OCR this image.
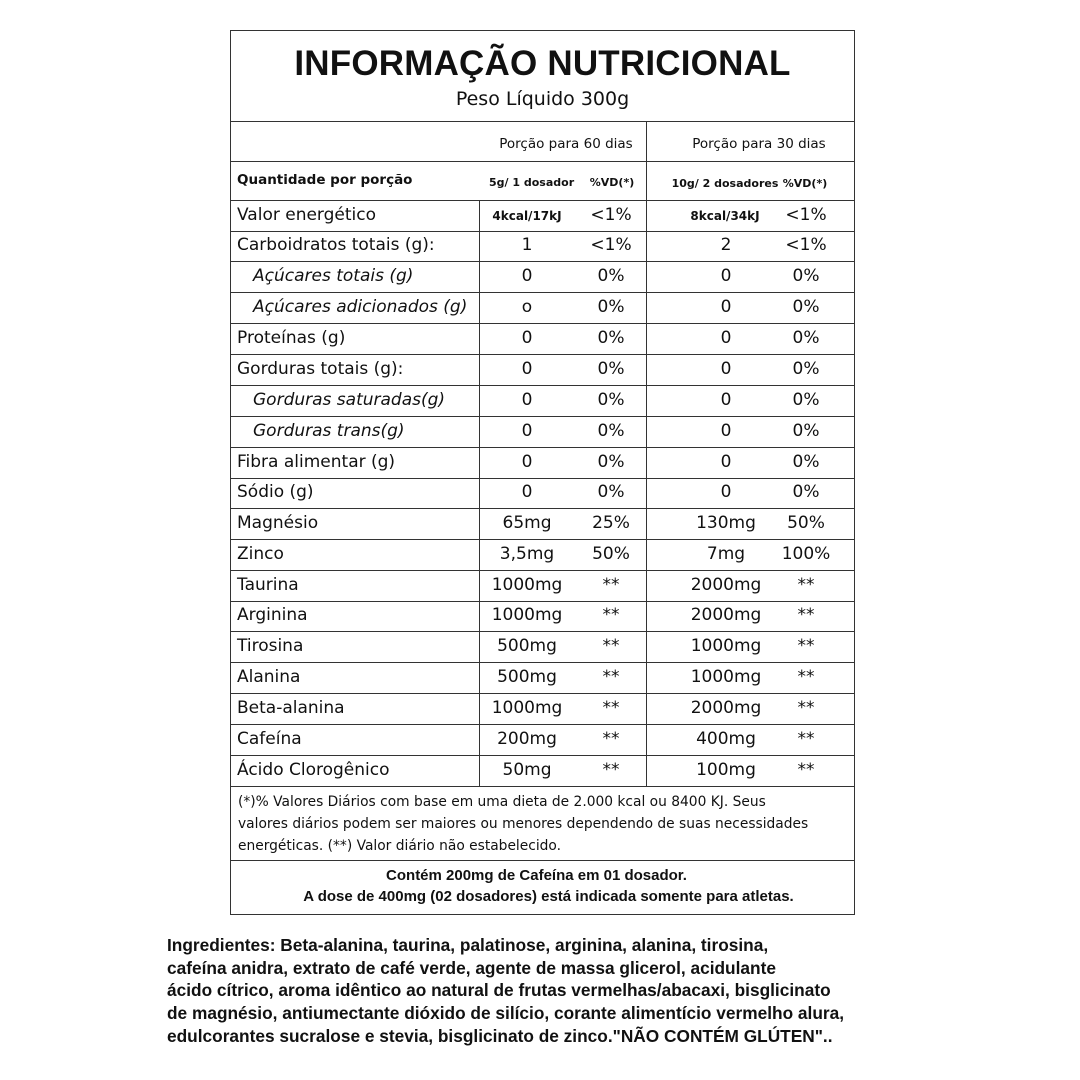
INFORMAÇÃO NUTRICIONAL
Peso Líquido 300g
Porção para 60 dias	Porção para 30 dias
Quantidade por porção	5g/ 1 dosador %VD(*)	10g/ 2 dosadores %VD(*)
Valor energético	4kcal/17kJ	<1%	8kcal/34kJ	<1%
Carboidratos totais (g):	1	<1%	2	<1%
Açúcares totais (g)	0	0%	0	0%
Açúcares adicionados (g)	o	0%	0	0%
Proteínas (g)	0	0%	0	0%
Gorduras totais (g):	0	0%	0	0%
Gorduras saturadas(g)	0	0%	0	0%
Gorduras trans(g)	0	0%	0	0%
Fibra alimentar (g)	0	0%	0	0%
Sódio (g)	0	0%	0	0%
Magnésio	65mg	25%	130mg	50%
Zinco	3,5mg	50%	7mg	100%
Taurina	1000mg	**	2000mg	**
Arginina	1000mg	**	2000mg	**
Tirosina	500mg	**	1000mg	**
Alanina	500mg	**	1000mg	**
Beta-alanina	1000mg	**	2000mg	**
Cafeína	200mg	**	400mg	**
Ácido Clorogênico	50mg	**	100mg	**
(*)% Valores Diários com base em uma dieta de 2.000 kcal ou 8400 KJ. Seus
valores diários podem ser maiores ou menores dependendo de suas necessidades
energéticas. (**) Valor diário não estabelecido.
Contém 200mg de Cafeína em 01 dosador.
A dose de 400mg (02 dosadores) está indicada somente para atletas.
Ingredientes: Beta-alanina, taurina, palatinose, arginina, alanina, tirosina,
cafeína anidra, extrato de café verde, agente de massa glicerol, acidulante
ácido cítrico, aroma idêntico ao natural de frutas vermelhas/abacaxi, bisglicinato
de magnésio, antiumectante dióxido de silício, corante alimentício vermelho alura,
edulcorantes sucralose e stevia, bisglicinato de zinco."NÃO CONTÉM GLÚTEN"..
